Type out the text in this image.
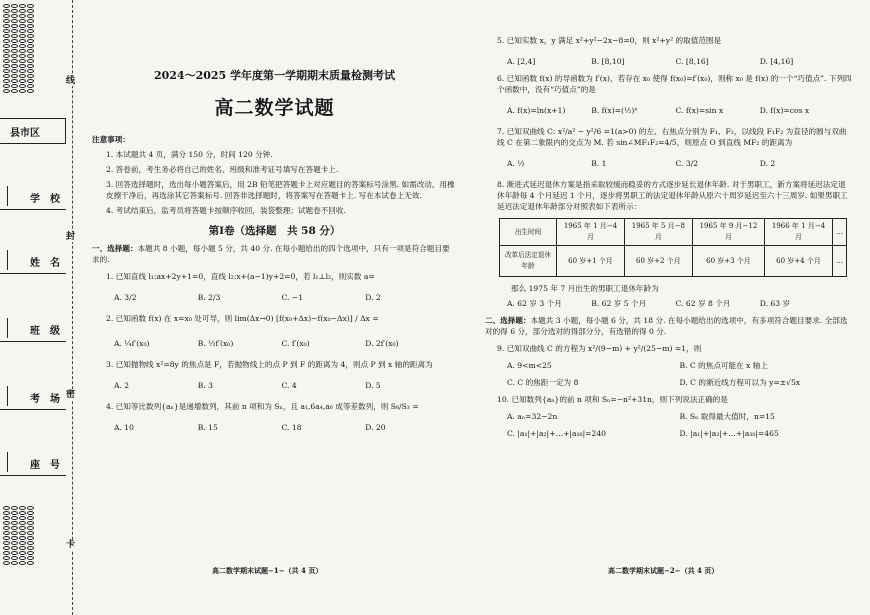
线
封
密
卡
县市区
学校
姓名
班级
考场
座号
2024～2025 学年度第一学期期末质量检测考试
高二数学试题

注意事项：

1. 本试题共 4 页，满分 150 分，时间 120 分钟.

2. 答卷前，考生务必将自己的姓名、班级和准考证号填写在答题卡上.

3. 回答选择题时，选出每小题答案后，用 2B 铅笔把答题卡上对应题目的答案标号涂黑. 如需改动，用橡皮擦干净后，再选涂其它答案标号. 回答非选择题时，将答案写在答题卡上. 写在本试卷上无效.

4. 考试结束后，监考员将答题卡按顺序收回，装袋整理；试题卷不回收.

第Ⅰ卷（选择题　共 58 分）

一、选择题：本题共 8 小题，每小题 5 分，共 40 分. 在每小题给出的四个选项中，只有一项是符合题目要求的.

1. 已知直线 l₁:ax+2y+1=0，直线 l₂:x+(a−1)y+2=0，若 l₁⊥l₂，则实数 a=

A. 3/2	B. 2/3	C. −1	D. 2

2. 已知函数 f(x) 在 x=x₀ 处可导，则 lim(Δx→0) [f(x₀+Δx)−f(x₀−Δx)] / Δx =

A. ¼f′(x₀)	B. ½f′(x₀)	C. f′(x₀)	D. 2f′(x₀)

3. 已知抛物线 x²=8y 的焦点是 F，若抛物线上的点 P 到 F 的距离为 4，则点 P 到 x 轴的距离为

A. 2	B. 3	C. 4	D. 5

4. 已知等比数列{aₙ}是递增数列，其前 n 项和为 Sₙ，且 a₁,6a₄,a₆ 成等差数列，则 S₆/S₃ =

A. 10	B. 15	C. 18	D. 20

5. 已知实数 x，y 满足 x²+y²−2x−8=0，则 x²+y² 的取值范围是

A. [2,4]	B. [8,10]	C. [8,16]	D. [4,16]

6. 已知函数 f(x) 的导函数为 f′(x)，若存在 x₀ 使得 f(x₀)=f′(x₀)，则称 x₀ 是 f(x) 的一个“巧值点”. 下列四个函数中，没有“巧值点”的是

A. f(x)=ln(x+1)	B. f(x)=(½)ˣ	C. f(x)=sin x	D. f(x)=cos x

7. 已知双曲线 C: x²/a² − y²/6 =1(a>0) 的左、右焦点分别为 F₁、F₂，以线段 F₁F₂ 为直径的圆与双曲线 C 在第二象限内的交点为 M. 若 sin∠MF₁F₂=4/5，则原点 O 到直线 MF₂ 的距离为

A. ½	B. 1	C. 3/2	D. 2

8. 渐进式延迟退休方案是指采取较缓而稳妥的方式逐步延长退休年龄. 对于男职工，新方案将延迟法定退休年龄每 4 个月延迟 1 个月，逐步将男职工的法定退休年龄从原六十周岁延迟至六十三周岁. 如果男职工延迟法定退休年龄部分对照表如下表所示：

出生时间	1965 年 1 月−4 月	1965 年 5 月−8 月	1965 年 9 月−12 月	1966 年 1 月−4 月	…
改革后法定退休年龄	60 岁+1 个月	60 岁+2 个月	60 岁+3 个月	60 岁+4 个月	…

那么 1975 年 7 月出生的男职工退休年龄为

A. 62 岁 3 个月	B. 62 岁 5 个月	C. 62 岁 8 个月	D. 63 岁

二、选择题：本题共 3 小题，每小题 6 分，共 18 分. 在每小题给出的选项中，有多项符合题目要求. 全部选对的得 6 分，部分选对的得部分分，有选错的得 0 分.

9. 已知双曲线 C 的方程为 x²/(9−m) + y²/(25−m) =1，则

A. 9<m<25	B. C 的焦点可能在 x 轴上
C. C 的焦距一定为 8	D. C 的渐近线方程可以为 y=±√5x

10. 已知数列{aₙ}的前 n 项和 Sₙ=−n²+31n，则下列说法正确的是

A. aₙ=32−2n	B. Sₙ 取得最大值时，n=15
C. |a₁|+|a₂|+…+|a₁₆|=240	D. |a₁|+|a₂|+…+|a₃₀|=465
高二数学期末试题−1−（共 4 页）	高二数学期末试题−2−（共 4 页）
